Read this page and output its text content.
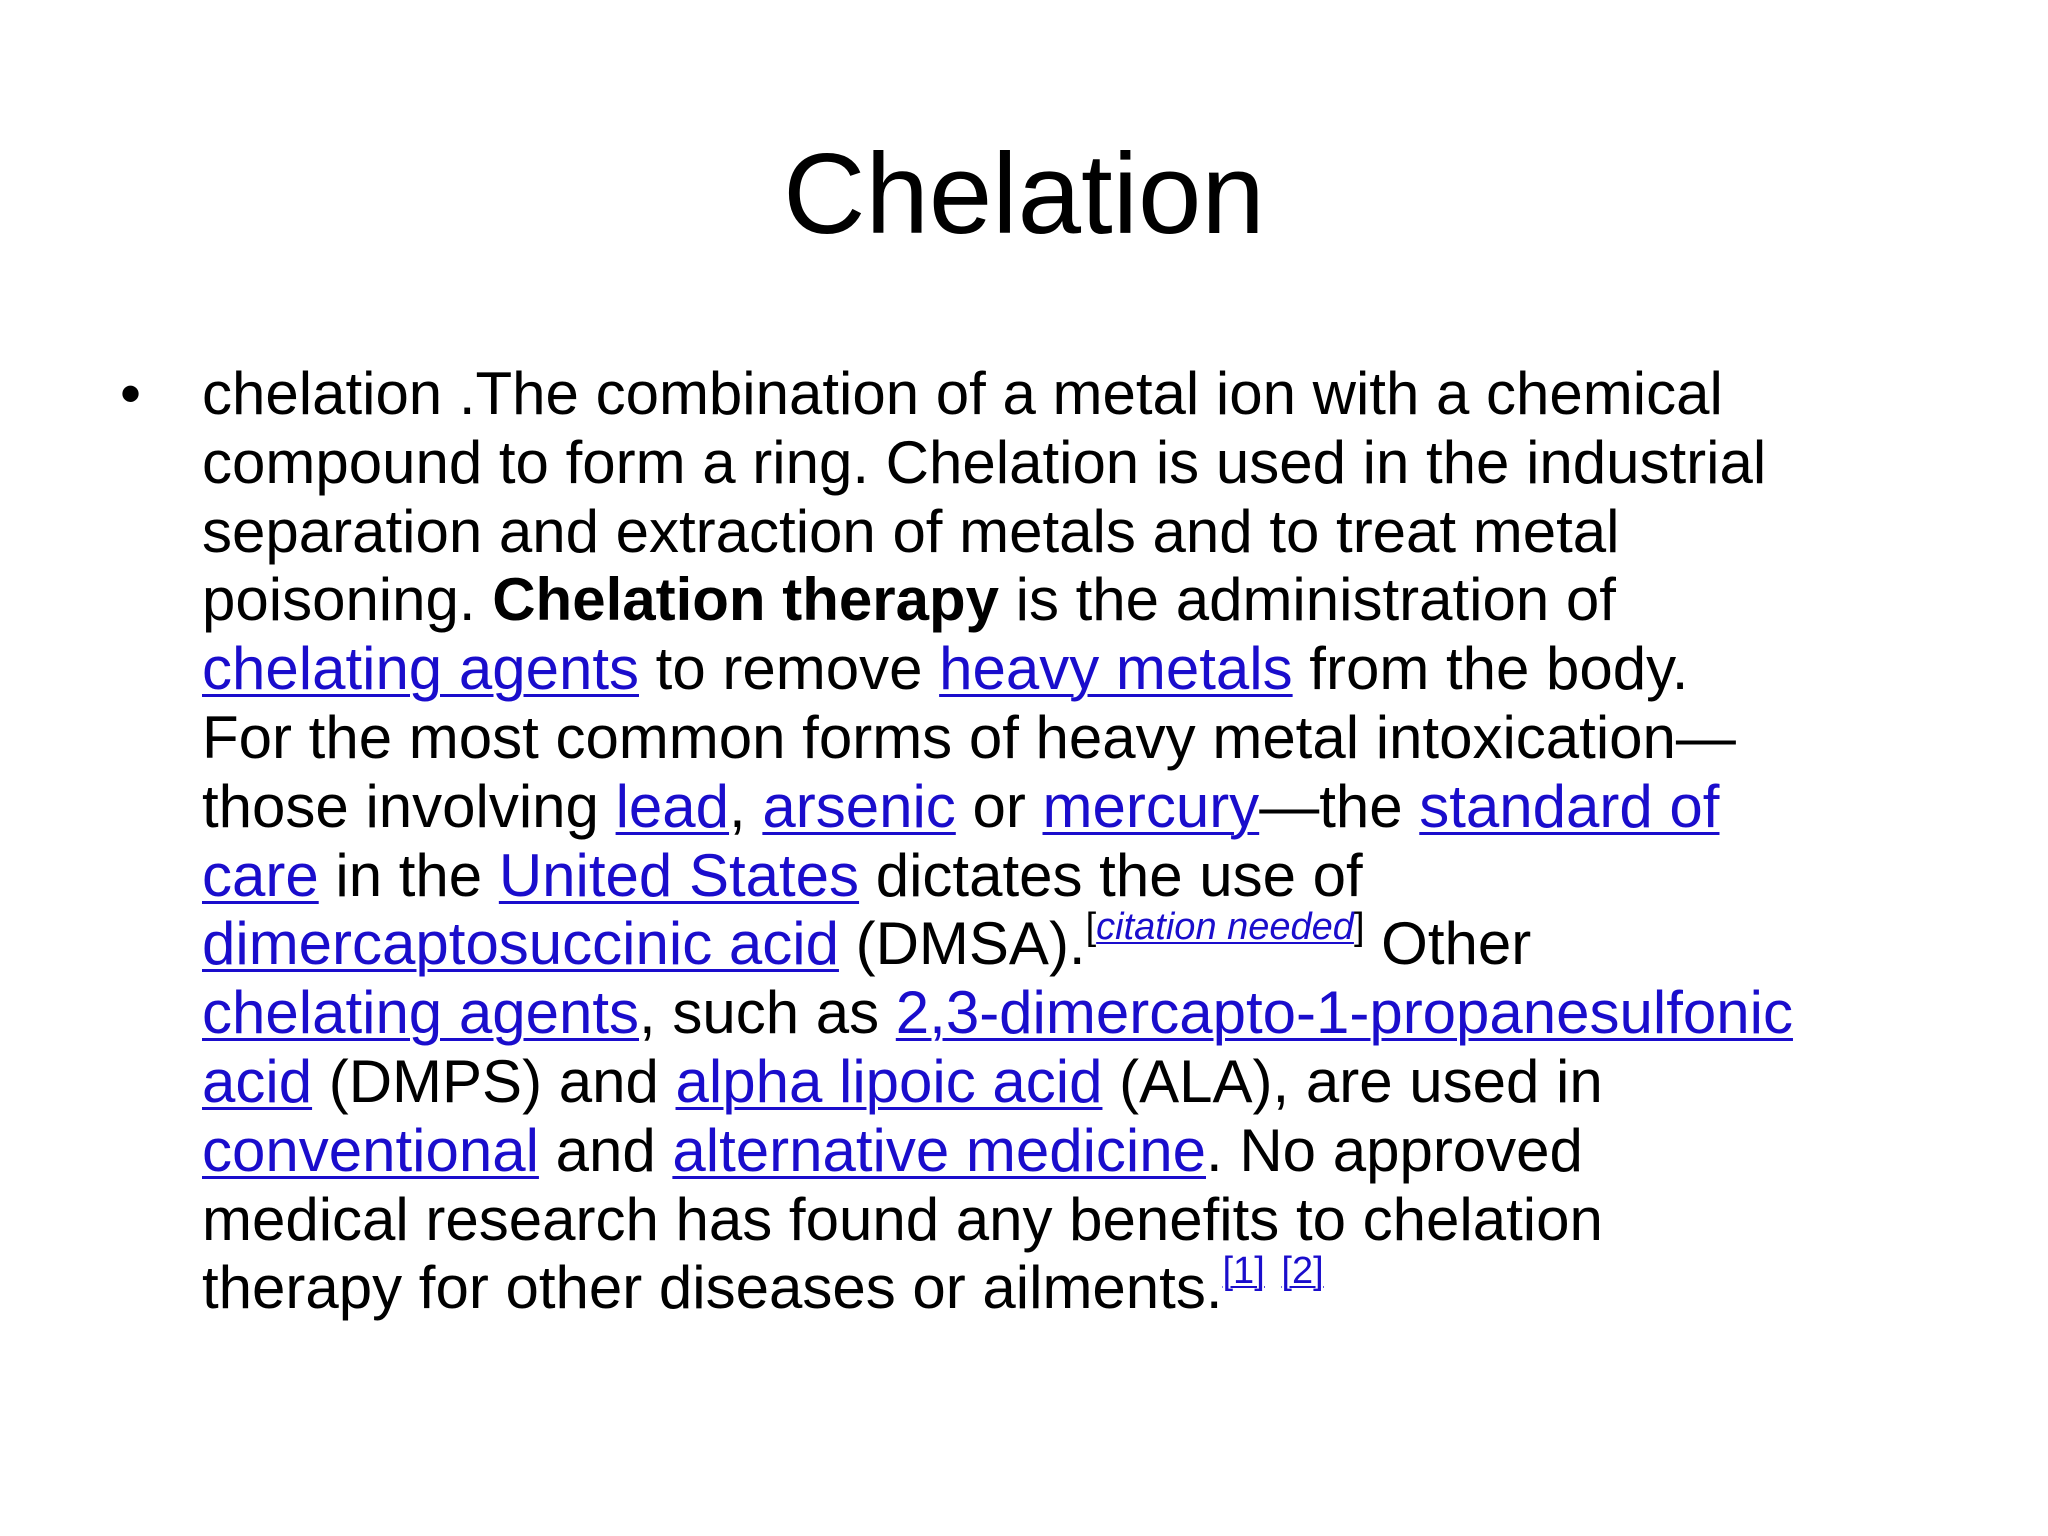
Chelation
• chelation .The combination of a metal ion with a chemical
compound to form a ring. Chelation is used in the industrial
separation and extraction of metals and to treat metal
poisoning. Chelation therapy is the administration of
chelating agents to remove heavy metals from the body.
For the most common forms of heavy metal intoxication—
those involving lead, arsenic or mercury—the standard of
care in the United States dictates the use of
dimercaptosuccinic acid (DMSA).[citation needed] Other
chelating agents, such as 2,3-dimercapto-1-propanesulfonic
acid (DMPS) and alpha lipoic acid (ALA), are used in
conventional and alternative medicine. No approved
medical research has found any benefits to chelation
therapy for other diseases or ailments.[1] [2]
